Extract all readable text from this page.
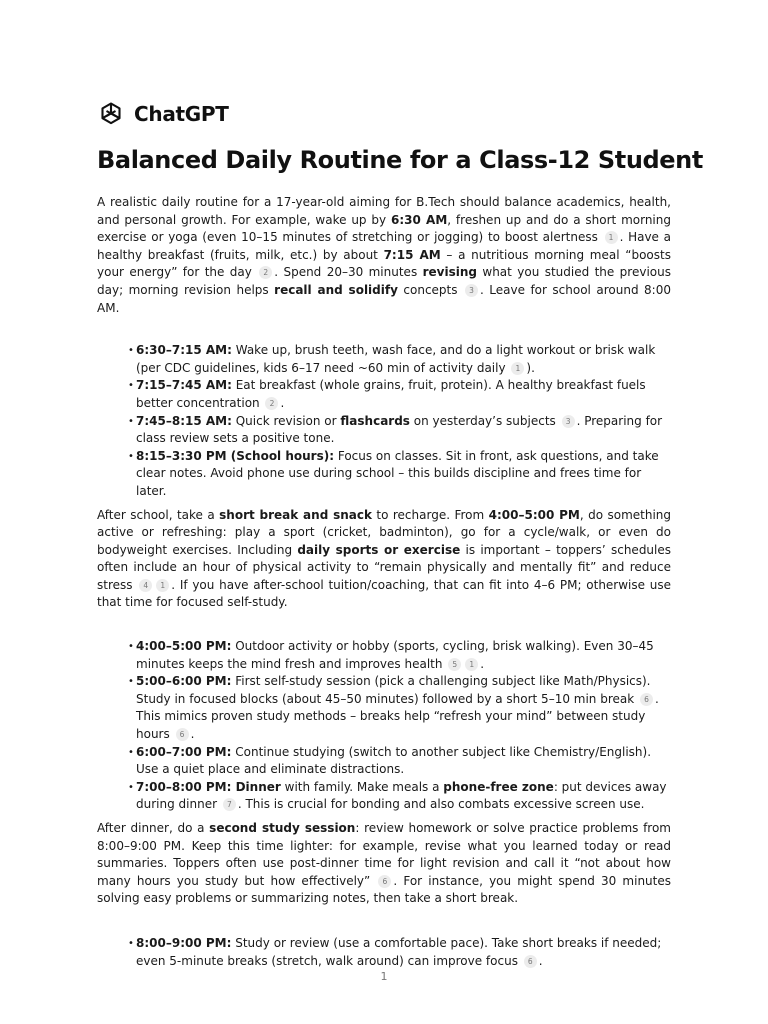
ChatGPT
Balanced Daily Routine for a Class-12 Student

A realistic daily routine for a 17-year-old aiming for B.Tech should balance academics, health, and personal growth. For example, wake up by 6:30 AM, freshen up and do a short morning exercise or yoga (even 10–15 minutes of stretching or jogging) to boost alertness 1 . Have a healthy breakfast (fruits, milk, etc.) by about 7:15 AM – a nutritious morning meal “boosts your energy” for the day 2 . Spend 20–30 minutes revising what you studied the previous day; morning revision helps recall and solidify concepts 3 . Leave for school around 8:00 AM.

• 6:30–7:15 AM: Wake up, brush teeth, wash face, and do a light workout or brisk walk (per CDC guidelines, kids 6–17 need ~60 min of activity daily 1 ).
• 7:15–7:45 AM: Eat breakfast (whole grains, fruit, protein). A healthy breakfast fuels better concentration 2 .
• 7:45–8:15 AM: Quick revision or flashcards on yesterday’s subjects 3 . Preparing for class review sets a positive tone.
• 8:15–3:30 PM (School hours): Focus on classes. Sit in front, ask questions, and take clear notes. Avoid phone use during school – this builds discipline and frees time for later.

After school, take a short break and snack to recharge. From 4:00–5:00 PM, do something active or refreshing: play a sport (cricket, badminton), go for a cycle/walk, or even do bodyweight exercises. Including daily sports or exercise is important – toppers’ schedules often include an hour of physical activity to “remain physically and mentally fit” and reduce stress 4 1 . If you have after-school tuition/coaching, that can fit into 4–6 PM; otherwise use that time for focused self-study.

• 4:00–5:00 PM: Outdoor activity or hobby (sports, cycling, brisk walking). Even 30–45 minutes keeps the mind fresh and improves health 5 1 .
• 5:00–6:00 PM: First self-study session (pick a challenging subject like Math/Physics). Study in focused blocks (about 45–50 minutes) followed by a short 5–10 min break 6 . This mimics proven study methods – breaks help “refresh your mind” between study hours 6 .
• 6:00–7:00 PM: Continue studying (switch to another subject like Chemistry/English). Use a quiet place and eliminate distractions.
• 7:00–8:00 PM: Dinner with family. Make meals a phone-free zone: put devices away during dinner 7 . This is crucial for bonding and also combats excessive screen use.

After dinner, do a second study session: review homework or solve practice problems from 8:00–9:00 PM. Keep this time lighter: for example, revise what you learned today or read summaries. Toppers often use post-dinner time for light revision and call it “not about how many hours you study but how effectively” 6 . For instance, you might spend 30 minutes solving easy problems or summarizing notes, then take a short break.

• 8:00–9:00 PM: Study or review (use a comfortable pace). Take short breaks if needed; even 5-minute breaks (stretch, walk around) can improve focus 6 .
1
